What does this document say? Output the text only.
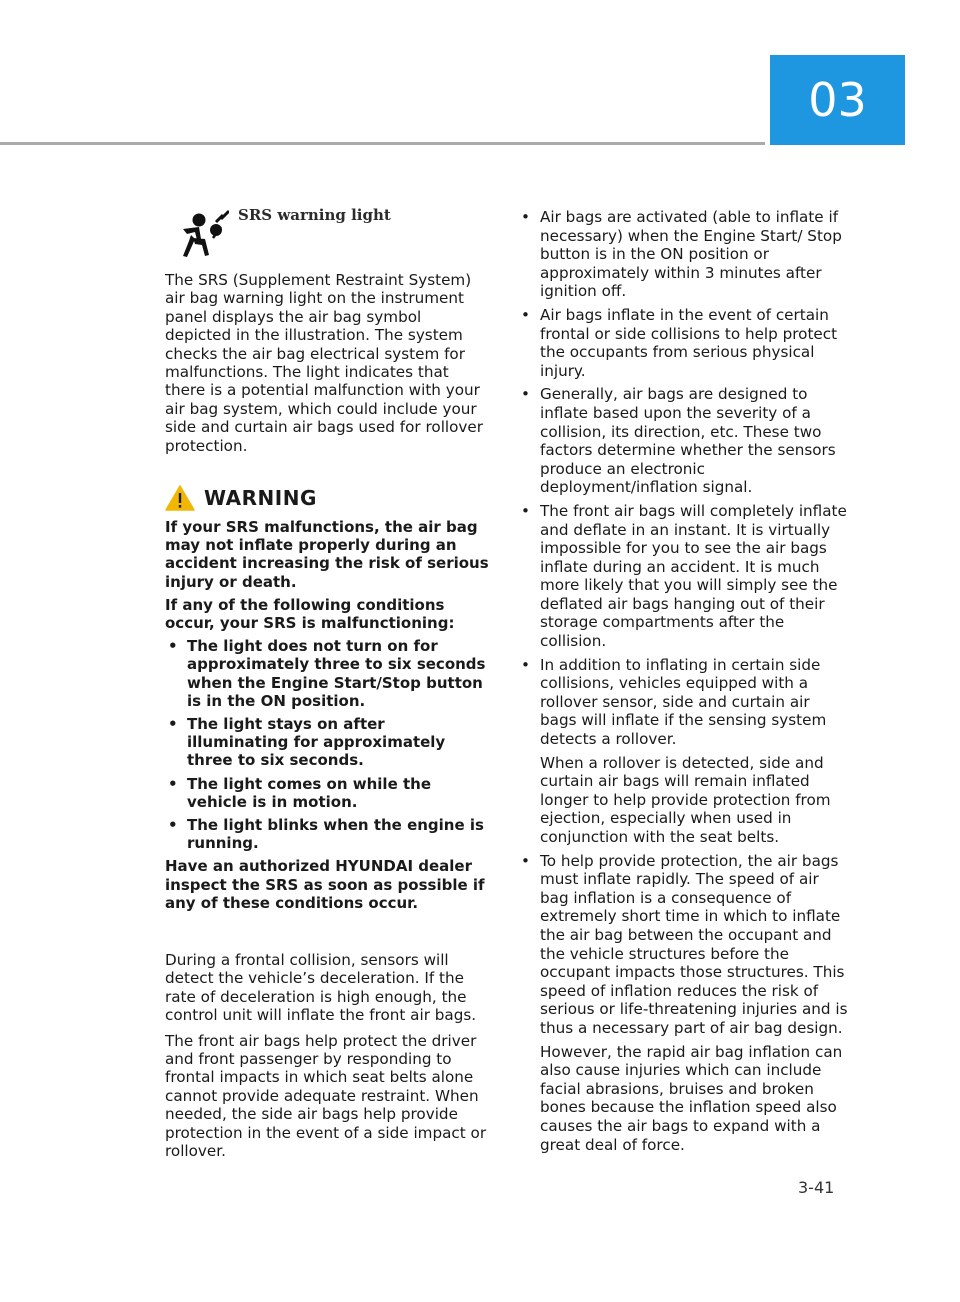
03
SRS warning light

The SRS (Supplement Restraint System) air bag warning light on the instrument panel displays the air bag symbol depicted in the illustration. The system checks the air bag electrical system for malfunctions. The light indicates that there is a potential malfunction with your air bag system, which could include your side and curtain air bags used for rollover protection.

WARNING

If your SRS malfunctions, the air bag may not inflate properly during an accident increasing the risk of serious injury or death.

If any of the following conditions occur, your SRS is malfunctioning:

• The light does not turn on for approximately three to six seconds when the Engine Start/Stop button is in the ON position.
• The light stays on after illuminating for approximately three to six seconds.
• The light comes on while the vehicle is in motion.
• The light blinks when the engine is running.

Have an authorized HYUNDAI dealer inspect the SRS as soon as possible if any of these conditions occur.

During a frontal collision, sensors will detect the vehicle’s deceleration. If the rate of deceleration is high enough, the control unit will inflate the front air bags.

The front air bags help protect the driver and front passenger by responding to frontal impacts in which seat belts alone cannot provide adequate restraint. When needed, the side air bags help provide protection in the event of a side impact or rollover.

• Air bags are activated (able to inflate if necessary) when the Engine Start/ Stop button is in the ON position or approximately within 3 minutes after ignition off.
• Air bags inflate in the event of certain frontal or side collisions to help protect the occupants from serious physical injury.
• Generally, air bags are designed to inflate based upon the severity of a collision, its direction, etc. These two factors determine whether the sensors produce an electronic deployment/inflation signal.
• The front air bags will completely inflate and deflate in an instant. It is virtually impossible for you to see the air bags inflate during an accident. It is much more likely that you will simply see the deflated air bags hanging out of their storage compartments after the collision.
• In addition to inflating in certain side collisions, vehicles equipped with a rollover sensor, side and curtain air bags will inflate if the sensing system detects a rollover.
When a rollover is detected, side and curtain air bags will remain inflated longer to help provide protection from ejection, especially when used in conjunction with the seat belts.
• To help provide protection, the air bags must inflate rapidly. The speed of air bag inflation is a consequence of extremely short time in which to inflate the air bag between the occupant and the vehicle structures before the occupant impacts those structures. This speed of inflation reduces the risk of serious or life-threatening injuries and is thus a necessary part of air bag design.
However, the rapid air bag inflation can also cause injuries which can include facial abrasions, bruises and broken bones because the inflation speed also causes the air bags to expand with a great deal of force.
3-41
